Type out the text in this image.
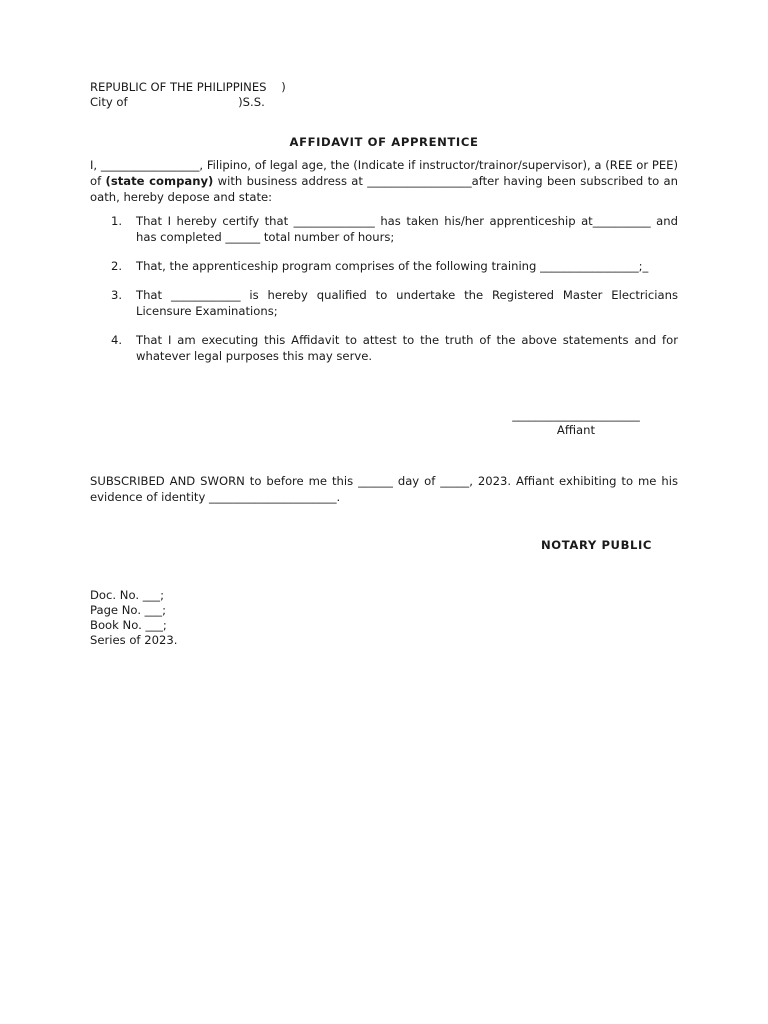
REPUBLIC OF THE PHILIPPINES    )
City of                              )S.S.
AFFIDAVIT OF APPRENTICE
I, _________________, Filipino, of legal age, the (Indicate if instructor/trainor/supervisor), a (REE or PEE) of (state company) with business address at __________________after having been subscribed to an oath, hereby depose and state:
1. That I hereby certify that ______________ has taken his/her apprenticeship at__________ and has completed ______ total number of hours;
2. That, the apprenticeship program comprises of the following training _________________;_
3. That ____________ is hereby qualified to undertake the Registered Master Electricians Licensure Examinations;
4. That I am executing this Affidavit to attest to the truth of the above statements and for whatever legal purposes this may serve.
______________________
Affiant
SUBSCRIBED AND SWORN to before me this ______ day of _____, 2023. Affiant exhibiting to me his evidence of identity ______________________.
NOTARY PUBLIC
Doc. No. ___;
Page No. ___;
Book No. ___;
Series of 2023.
